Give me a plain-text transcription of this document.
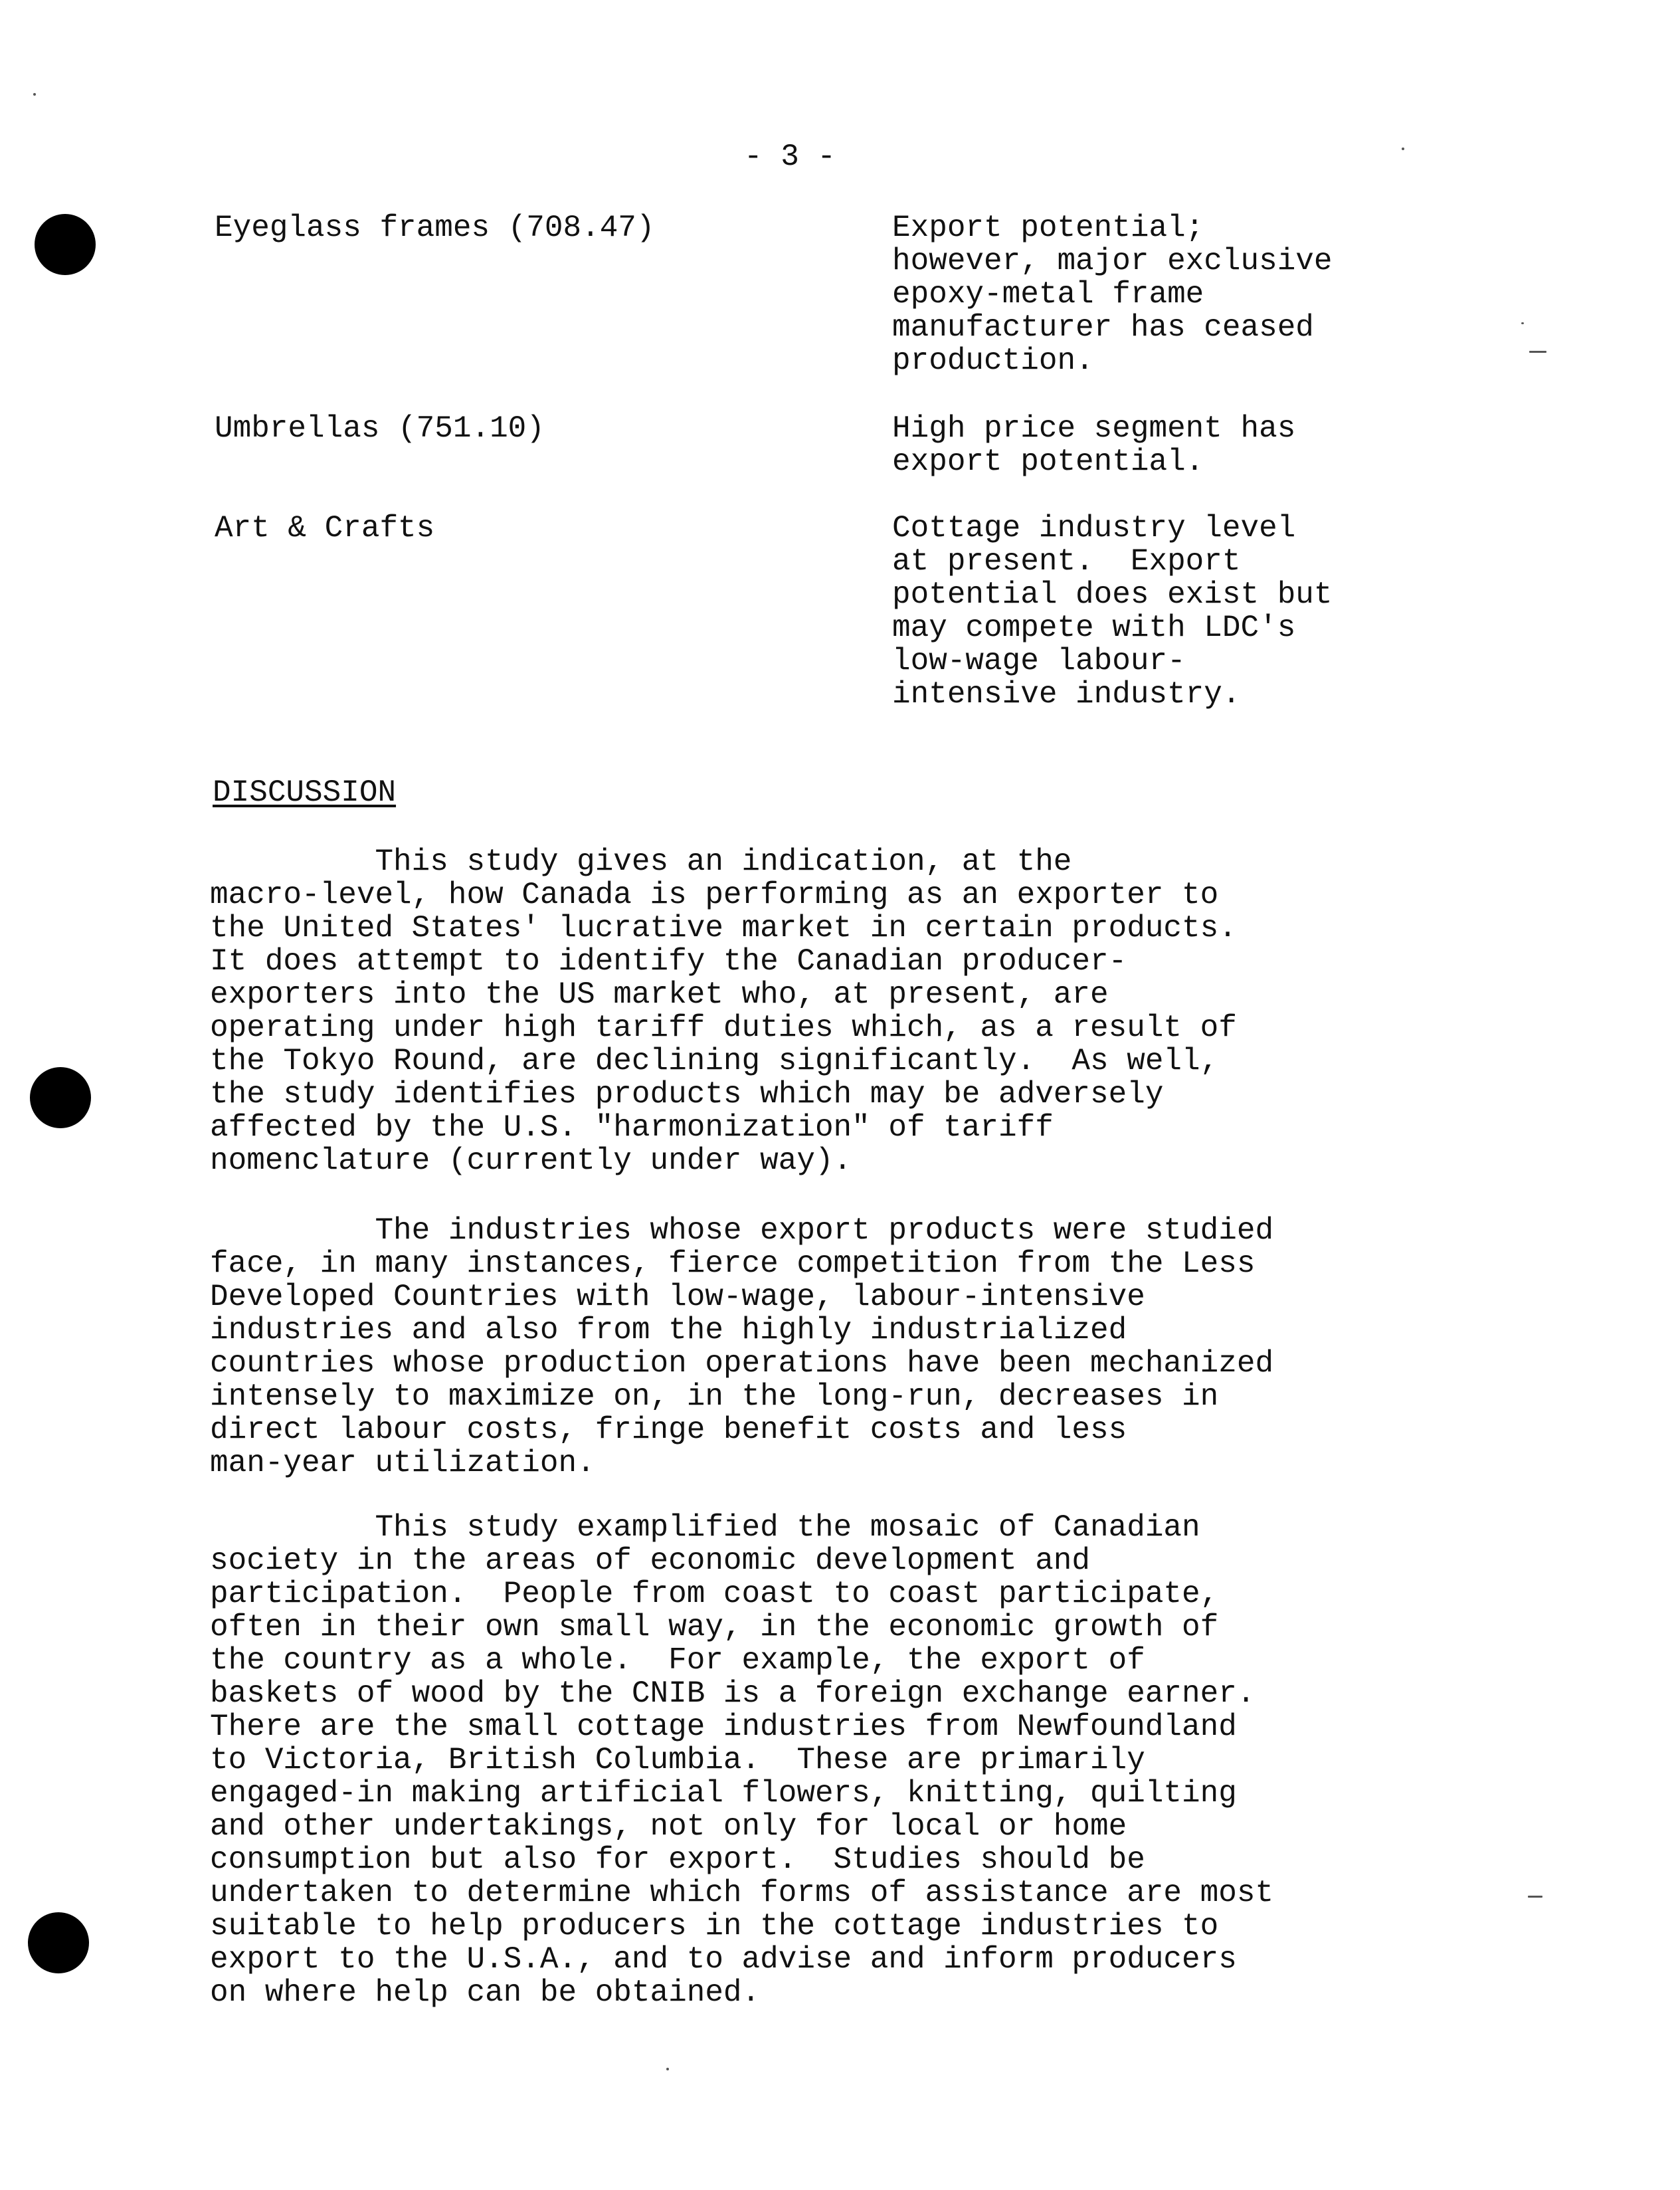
- 3 -
Eyeglass frames (708.47)	Export potential;
however, major exclusive
epoxy-metal frame
manufacturer has ceased
production.
Umbrellas (751.10)	High price segment has
export potential.
Art & Crafts	Cottage industry level
at present.  Export
potential does exist but
may compete with LDC's
low-wage labour-
intensive industry.
DISCUSSION
This study gives an indication, at the
macro-level, how Canada is performing as an exporter to
the United States' lucrative market in certain products.
It does attempt to identify the Canadian producer-
exporters into the US market who, at present, are
operating under high tariff duties which, as a result of
the Tokyo Round, are declining significantly.  As well,
the study identifies products which may be adversely
affected by the U.S. "harmonization" of tariff
nomenclature (currently under way).
The industries whose export products were studied
face, in many instances, fierce competition from the Less
Developed Countries with low-wage, labour-intensive
industries and also from the highly industrialized
countries whose production operations have been mechanized
intensely to maximize on, in the long-run, decreases in
direct labour costs, fringe benefit costs and less
man-year utilization.
This study examplified the mosaic of Canadian
society in the areas of economic development and
participation.  People from coast to coast participate,
often in their own small way, in the economic growth of
the country as a whole.  For example, the export of
baskets of wood by the CNIB is a foreign exchange earner.
There are the small cottage industries from Newfoundland
to Victoria, British Columbia.  These are primarily
engaged-in making artificial flowers, knitting, quilting
and other undertakings, not only for local or home
consumption but also for export.  Studies should be
undertaken to determine which forms of assistance are most
suitable to help producers in the cottage industries to
export to the U.S.A., and to advise and inform producers
on where help can be obtained.
